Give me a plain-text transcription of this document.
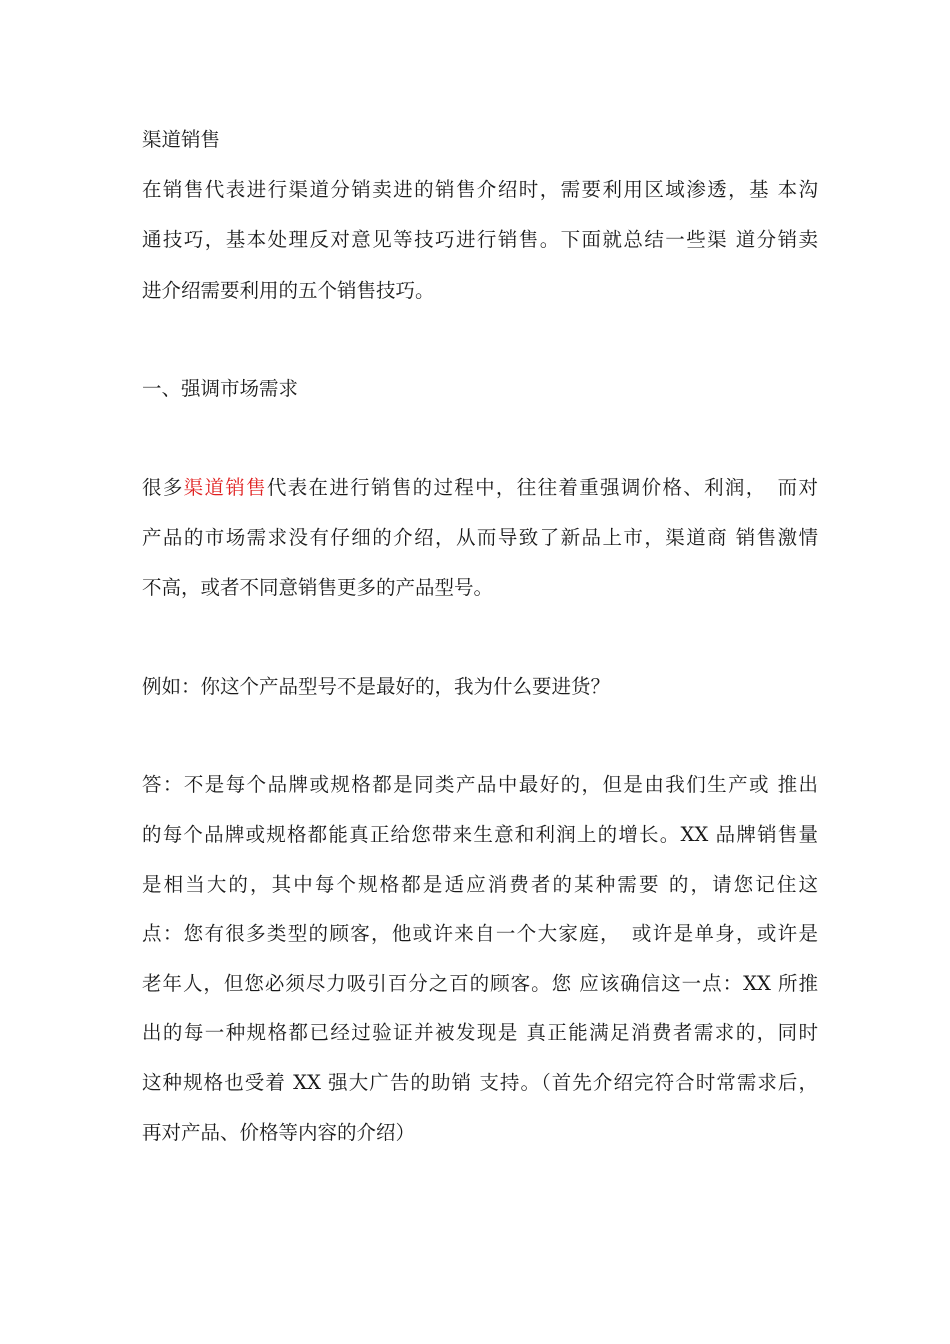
渠道销售
在销售代表进行渠道分销卖进的销售介绍时，需要利用区域渗透，基 本沟
通技巧，基本处理反对意见等技巧进行销售。下面就总结一些渠 道分销卖
进介绍需要利用的五个销售技巧。
一、强调市场需求
很多渠道销售代表在进行销售的过程中，往往着重强调价格、利润，　而对
产品的市场需求没有仔细的介绍，从而导致了新品上市，渠道商 销售激情
不高，或者不同意销售更多的产品型号。
例如：你这个产品型号不是最好的，我为什么要进货？
答：不是每个品牌或规格都是同类产品中最好的，但是由我们生产或 推出
的每个品牌或规格都能真正给您带来生意和利润上的增长。XX 品牌销售量
是相当大的，其中每个规格都是适应消费者的某种需要 的，请您记住这
点：您有很多类型的顾客，他或许来自一个大家庭，　或许是单身，或许是
老年人，但您必须尽力吸引百分之百的顾客。您 应该确信这一点：XX 所推
出的每一种规格都已经过验证并被发现是 真正能满足消费者需求的，同时
这种规格也受着 XX 强大广告的助销 支持。（首先介绍完符合时常需求后，
再对产品、价格等内容的介绍）
